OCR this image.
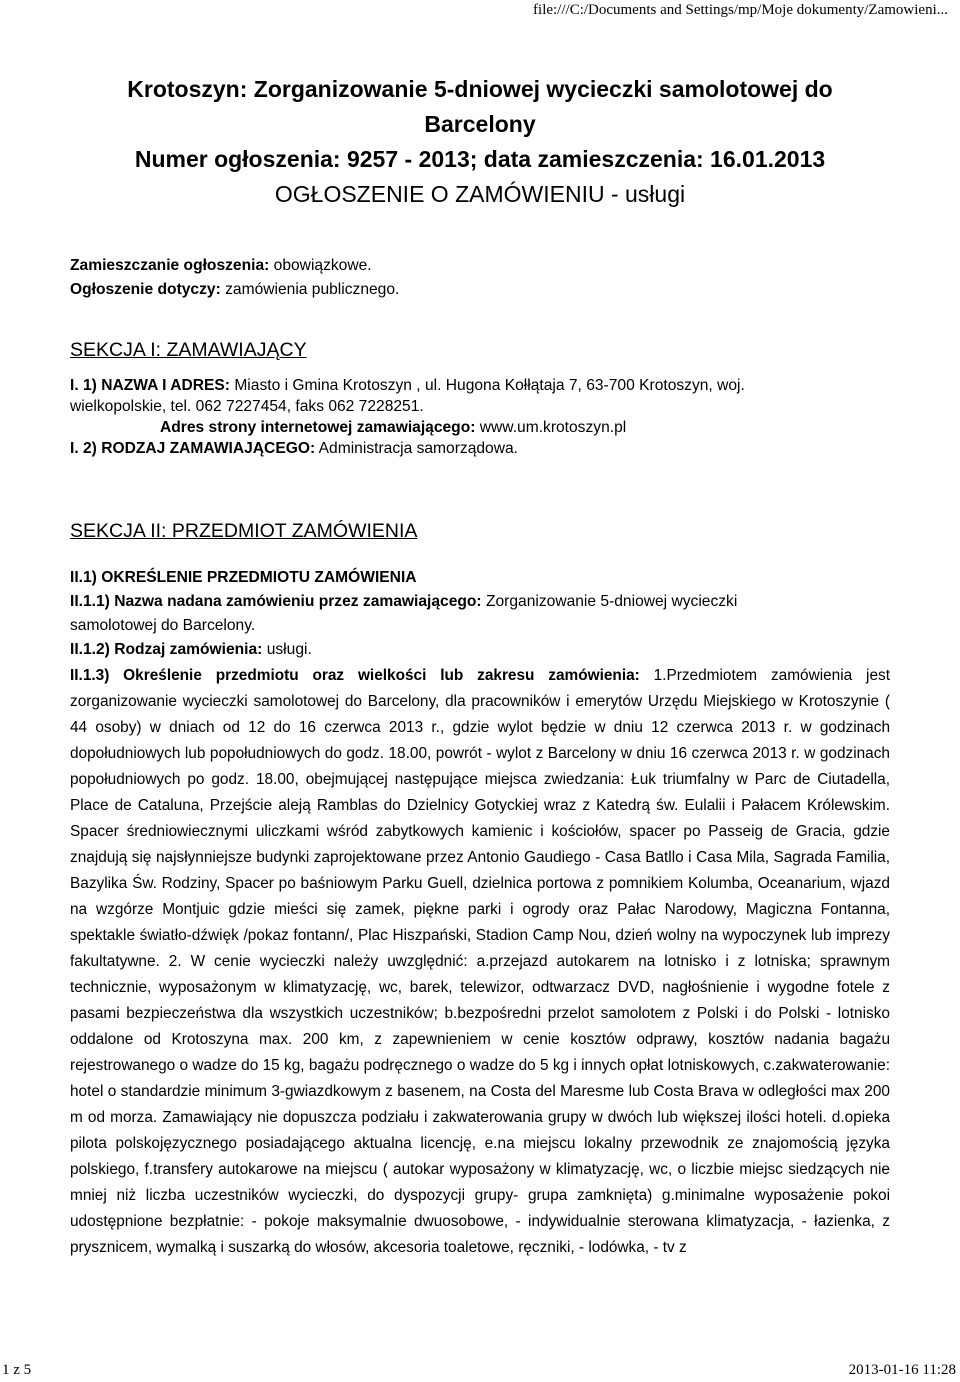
file:///C:/Documents and Settings/mp/Moje dokumenty/Zamowieni...
Krotoszyn: Zorganizowanie 5-dniowej wycieczki samolotowej do
Barcelony
Numer ogłoszenia: 9257 - 2013; data zamieszczenia: 16.01.2013
OGŁOSZENIE O ZAMÓWIENIU - usługi
Zamieszczanie ogłoszenia: obowiązkowe.
Ogłoszenie dotyczy: zamówienia publicznego.
SEKCJA I: ZAMAWIAJĄCY
I. 1) NAZWA I ADRES: Miasto i Gmina Krotoszyn , ul. Hugona Kołłątaja 7, 63-700 Krotoszyn, woj.
wielkopolskie, tel. 062 7227454, faks 062 7228251.
Adres strony internetowej zamawiającego: www.um.krotoszyn.pl
I. 2) RODZAJ ZAMAWIAJĄCEGO: Administracja samorządowa.
SEKCJA II: PRZEDMIOT ZAMÓWIENIA
II.1) OKREŚLENIE PRZEDMIOTU ZAMÓWIENIA
II.1.1) Nazwa nadana zamówieniu przez zamawiającego: Zorganizowanie 5-dniowej wycieczki
samolotowej do Barcelony.
II.1.2) Rodzaj zamówienia: usługi.
II.1.3) Określenie przedmiotu oraz wielkości lub zakresu zamówienia: 1.Przedmiotem zamówienia jest zorganizowanie wycieczki samolotowej do Barcelony, dla pracowników i emerytów Urzędu Miejskiego w Krotoszynie ( 44 osoby) w dniach od 12 do 16 czerwca 2013 r., gdzie wylot będzie w dniu 12 czerwca 2013 r. w godzinach dopołudniowych lub popołudniowych do godz. 18.00, powrót - wylot z Barcelony w dniu 16 czerwca 2013 r. w godzinach popołudniowych po godz. 18.00, obejmującej następujące miejsca zwiedzania: Łuk triumfalny w Parc de Ciutadella, Place de Cataluna, Przejście aleją Ramblas do Dzielnicy Gotyckiej wraz z Katedrą św. Eulalii i Pałacem Królewskim. Spacer średniowiecznymi uliczkami wśród zabytkowych kamienic i kościołów, spacer po Passeig de Gracia, gdzie znajdują się najsłynniejsze budynki zaprojektowane przez Antonio Gaudiego - Casa Batllo i Casa Mila, Sagrada Familia, Bazylika Św. Rodziny, Spacer po baśniowym Parku Guell, dzielnica portowa z pomnikiem Kolumba, Oceanarium, wjazd na wzgórze Montjuic gdzie mieści się zamek, piękne parki i ogrody oraz Pałac Narodowy, Magiczna Fontanna, spektakle światło-dźwięk /pokaz fontann/, Plac Hiszpański, Stadion Camp Nou, dzień wolny na wypoczynek lub imprezy fakultatywne. 2. W cenie wycieczki należy uwzględnić: a.przejazd autokarem na lotnisko i z lotniska; sprawnym technicznie, wyposażonym w klimatyzację, wc, barek, telewizor, odtwarzacz DVD, nagłośnienie i wygodne fotele z pasami bezpieczeństwa dla wszystkich uczestników; b.bezpośredni przelot samolotem z Polski i do Polski - lotnisko oddalone od Krotoszyna max. 200 km, z zapewnieniem w cenie kosztów odprawy, kosztów nadania bagażu rejestrowanego o wadze do 15 kg, bagażu podręcznego o wadze do 5 kg i innych opłat lotniskowych, c.zakwaterowanie: hotel o standardzie minimum 3-gwiazdkowym z basenem, na Costa del Maresme lub Costa Brava w odległości max 200 m od morza. Zamawiający nie dopuszcza podziału i zakwaterowania grupy w dwóch lub większej ilości hoteli. d.opieka pilota polskojęzycznego posiadającego aktualna licencję, e.na miejscu lokalny przewodnik ze znajomością języka polskiego, f.transfery autokarowe na miejscu ( autokar wyposażony w klimatyzację, wc, o liczbie miejsc siedzących nie mniej niż liczba uczestników wycieczki, do dyspozycji grupy- grupa zamknięta) g.minimalne wyposażenie pokoi udostępnione bezpłatnie: - pokoje maksymalnie dwuosobowe, - indywidualnie sterowana klimatyzacja, - łazienka, z prysznicem, wymalką i suszarką do włosów, akcesoria toaletowe, ręczniki, - lodówka, - tv z
1 z 5	2013-01-16 11:28
